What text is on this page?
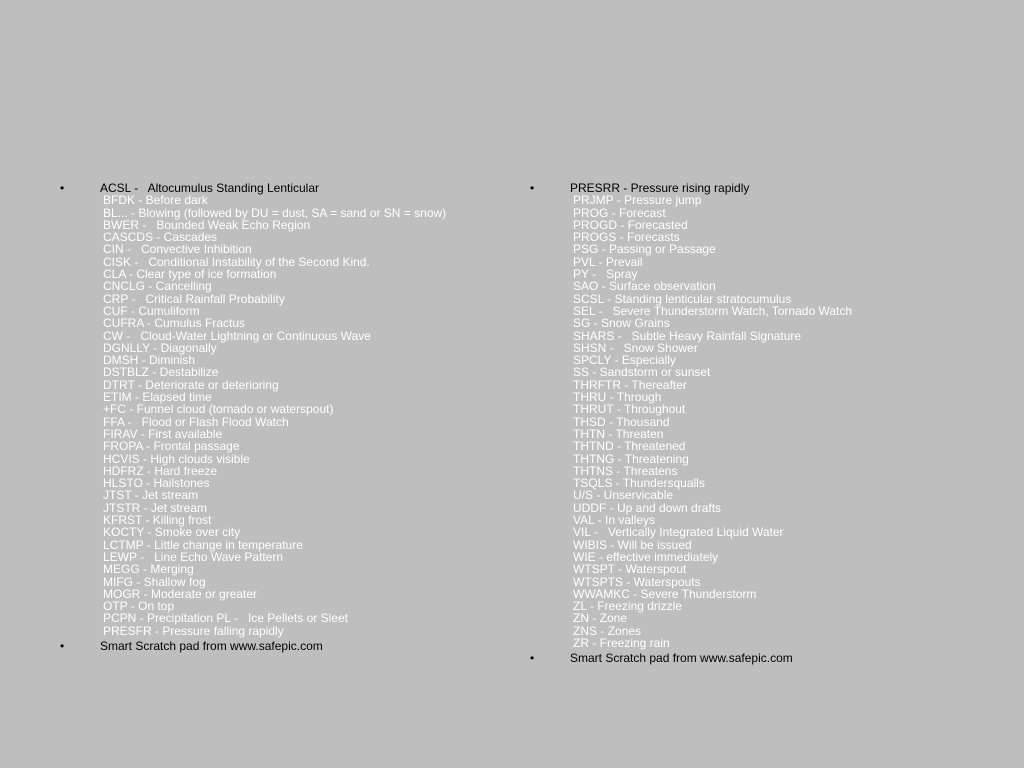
•	ACSL -   Altocumulus Standing Lenticular
BFDK - Before dark
BL... - Blowing (followed by DU = dust, SA = sand or SN = snow)
BWER -   Bounded Weak Echo Region
CASCDS - Cascades
CIN -   Convective Inhibition
CISK -   Conditional Instability of the Second Kind.
CLA - Clear type of ice formation
CNCLG - Cancelling
CRP -   Critical Rainfall Probability
CUF - Cumuliform
CUFRA - Cumulus Fractus
CW -   Cloud-Water Lightning or Continuous Wave
DGNLLY - Diagonally
DMSH - Diminish
DSTBLZ - Destabilize
DTRT - Deteriorate or deterioring
ETIM - Elapsed time
+FC - Funnel cloud (tornado or waterspout)
FFA -   Flood or Flash Flood Watch
FIRAV - First available
FROPA - Frontal passage
HCVIS - High clouds visible
HDFRZ - Hard freeze
HLSTO - Hailstones
JTST - Jet stream
JTSTR - Jet stream
KFRST - Killing frost
KOCTY - Smoke over city
LCTMP - Little change in temperature
LEWP -   Line Echo Wave Pattern
MEGG - Merging
MIFG - Shallow fog
MOGR - Moderate or greater
OTP - On top
PCPN - Precipitation PL -   Ice Pellets or Sleet
PRESFR - Pressure falling rapidly
•	Smart Scratch pad from www.safepic.com
•	PRESRR - Pressure rising rapidly
PRJMP - Pressure jump
PROG - Forecast
PROGD - Forecasted
PROGS - Forecasts
PSG - Passing or Passage
PVL - Prevail
PY -   Spray
SAO - Surface observation
SCSL - Standing lenticular stratocumulus
SEL -   Severe Thunderstorm Watch, Tornado Watch
SG - Snow Grains
SHARS -   Subtle Heavy Rainfall Signature
SHSN -   Snow Shower
SPCLY - Especially
SS - Sandstorm or sunset
THRFTR - Thereafter
THRU - Through
THRUT - Throughout
THSD - Thousand
THTN - Threaten
THTND - Threatened
THTNG - Threatening
THTNS - Threatens
TSQLS - Thundersqualls
U/S - Unservicable
UDDF - Up and down drafts
VAL - In valleys
VIL -   Vertically Integrated Liquid Water
WIBIS - Will be issued
WIE - effective immediately
WTSPT - Waterspout
WTSPTS - Waterspouts
WWAMKC - Severe Thunderstorm
ZL - Freezing drizzle
ZN - Zone
ZNS - Zones
ZR - Freezing rain
•	Smart Scratch pad from www.safepic.com
